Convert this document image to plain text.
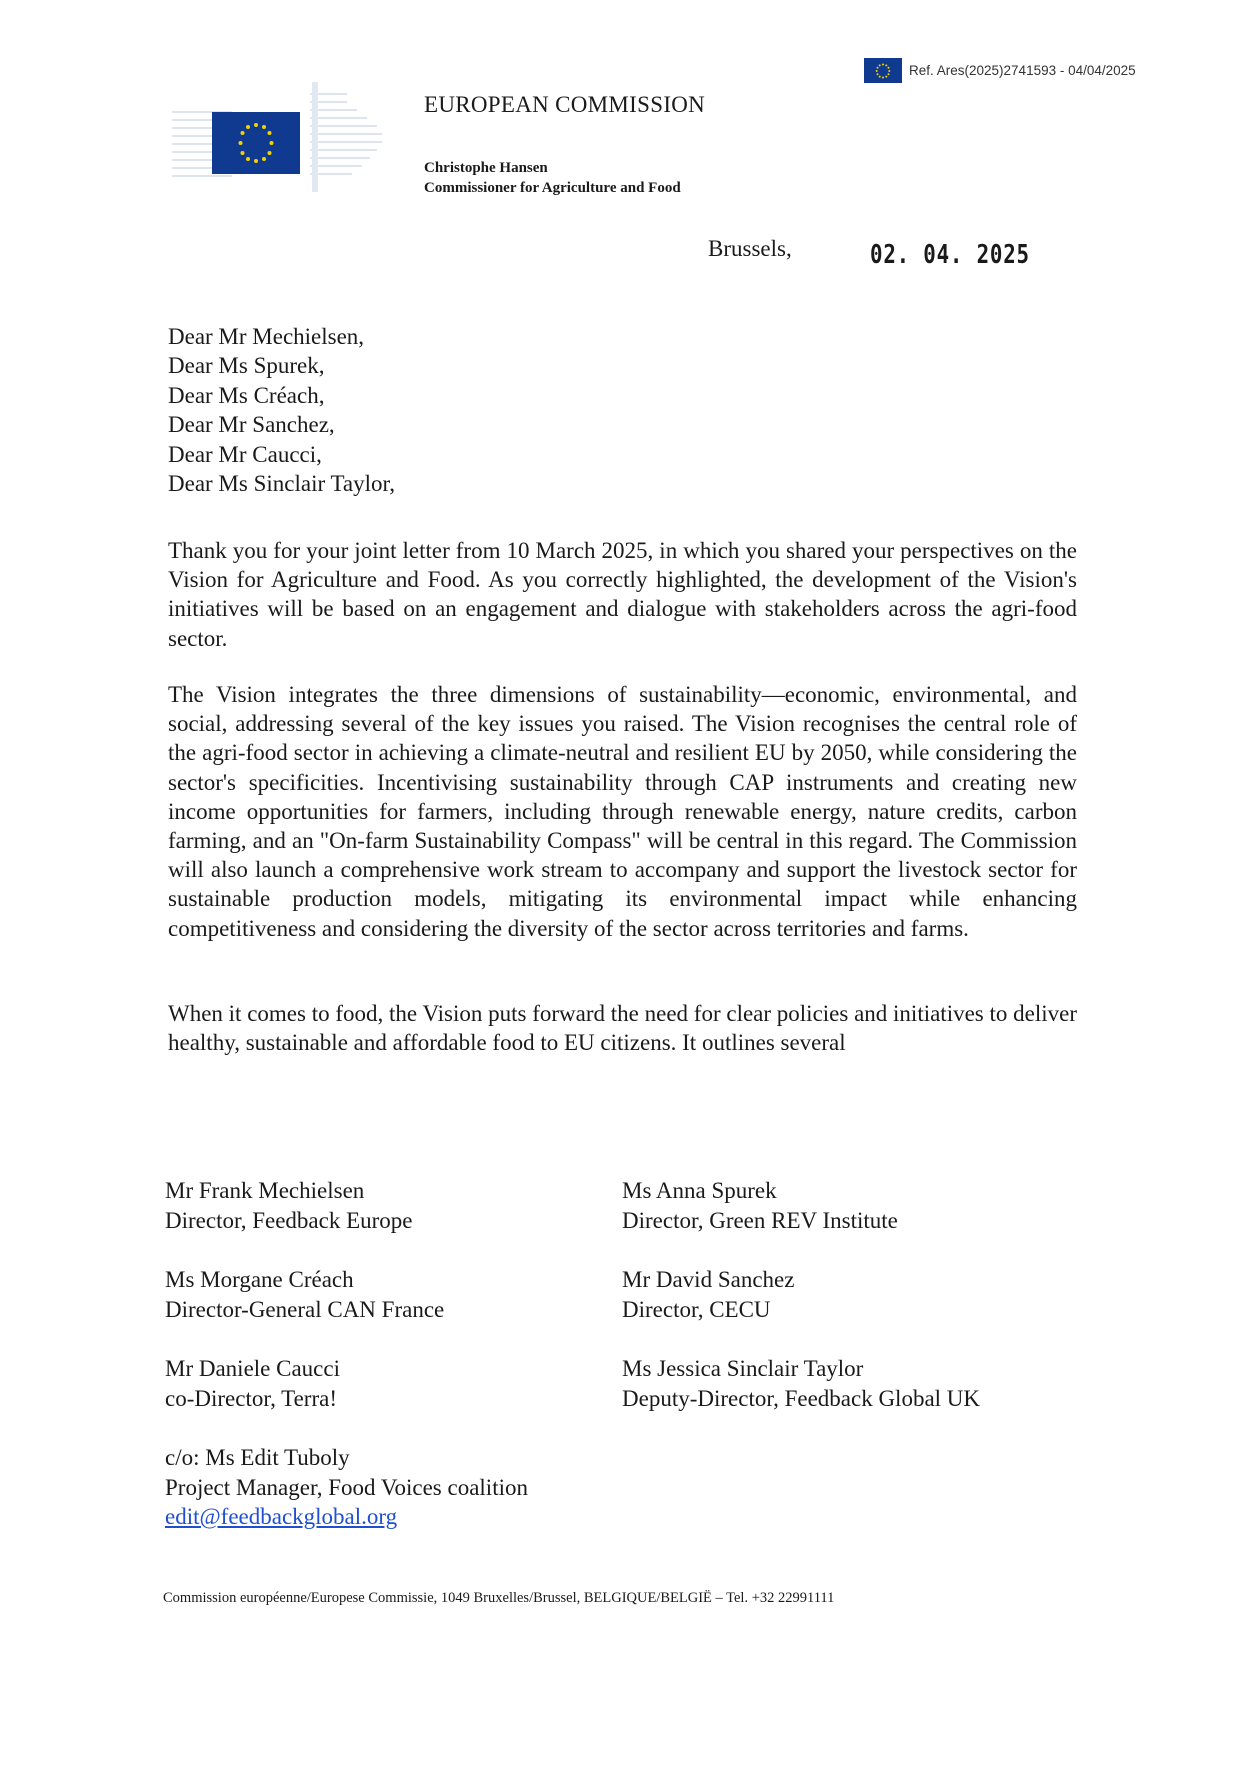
Ref. Ares(2025)2741593 - 04/04/2025
EUROPEAN COMMISSION
Christophe Hansen
Commissioner for Agriculture and Food
Brussels,	02. 04. 2025
Dear Mr Mechielsen,
Dear Ms Spurek,
Dear Ms Créach,
Dear Mr Sanchez,
Dear Mr Caucci,
Dear Ms Sinclair Taylor,
Thank you for your joint letter from 10 March 2025, in which you shared your perspectives on the Vision for Agriculture and Food. As you correctly highlighted, the development of the Vision's initiatives will be based on an engagement and dialogue with stakeholders across the agri-food sector.
The Vision integrates the three dimensions of sustainability—economic, environmental, and social, addressing several of the key issues you raised. The Vision recognises the central role of the agri-food sector in achieving a climate-neutral and resilient EU by 2050, while considering the sector's specificities. Incentivising sustainability through CAP instruments and creating new income opportunities for farmers, including through renewable energy, nature credits, carbon farming, and an "On-farm Sustainability Compass" will be central in this regard. The Commission will also launch a comprehensive work stream to accompany and support the livestock sector for sustainable production models, mitigating its environmental impact while enhancing competitiveness and considering the diversity of the sector across territories and farms.
When it comes to food, the Vision puts forward the need for clear policies and initiatives to deliver healthy, sustainable and affordable food to EU citizens. It outlines several
Mr Frank Mechielsen
Director, Feedback Europe
Ms Anna Spurek
Director, Green REV Institute
Ms Morgane Créach
Director-General CAN France
Mr David Sanchez
Director, CECU
Mr Daniele Caucci
co-Director, Terra!
Ms Jessica Sinclair Taylor
Deputy-Director, Feedback Global UK
c/o: Ms Edit Tuboly
Project Manager, Food Voices coalition
edit@feedbackglobal.org
Commission européenne/Europese Commissie, 1049 Bruxelles/Brussel, BELGIQUE/BELGIË – Tel. +32 22991111
